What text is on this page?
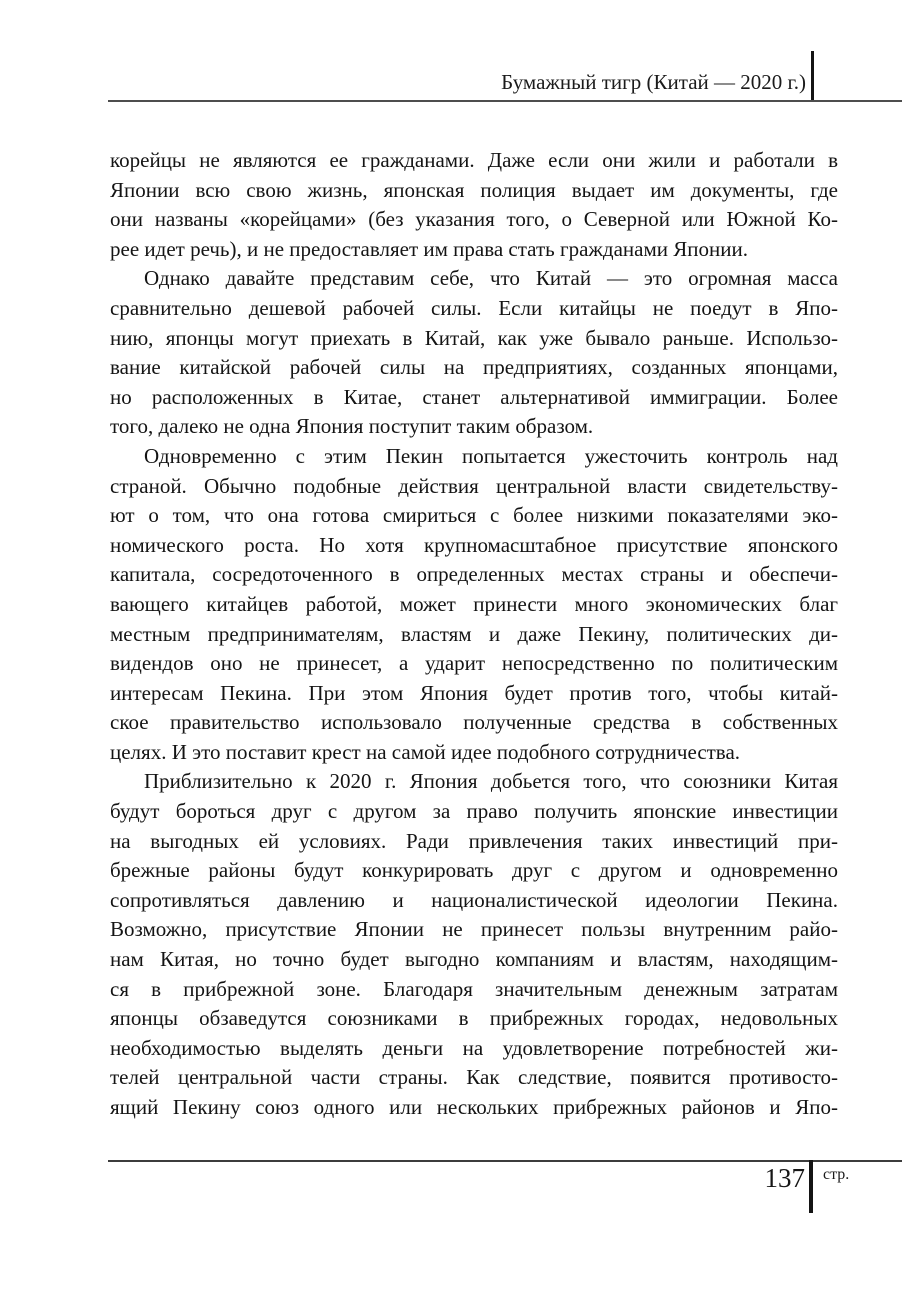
Бумажный тигр (Китай — 2020 г.)
корейцы не являются ее гражданами. Даже если они жили и работали в
Японии всю свою жизнь, японская полиция выдает им документы, где
они названы «корейцами» (без указания того, о Северной или Южной Ко-
рее идет речь), и не предоставляет им права стать гражданами Японии.
Однако давайте представим себе, что Китай — это огромная масса
сравнительно дешевой рабочей силы. Если китайцы не поедут в Япо-
нию, японцы могут приехать в Китай, как уже бывало раньше. Использо-
вание китайской рабочей силы на предприятиях, созданных японцами,
но расположенных в Китае, станет альтернативой иммиграции. Более
того, далеко не одна Япония поступит таким образом.
Одновременно с этим Пекин попытается ужесточить контроль над
страной. Обычно подобные действия центральной власти свидетельству-
ют о том, что она готова смириться с более низкими показателями эко-
номического роста. Но хотя крупномасштабное присутствие японского
капитала, сосредоточенного в определенных местах страны и обеспечи-
вающего китайцев работой, может принести много экономических благ
местным предпринимателям, властям и даже Пекину, политических ди-
видендов оно не принесет, а ударит непосредственно по политическим
интересам Пекина. При этом Япония будет против того, чтобы китай-
ское правительство использовало полученные средства в собственных
целях. И это поставит крест на самой идее подобного сотрудничества.
Приблизительно к 2020 г. Япония добьется того, что союзники Китая
будут бороться друг с другом за право получить японские инвестиции
на выгодных ей условиях. Ради привлечения таких инвестиций при-
брежные районы будут конкурировать друг с другом и одновременно
сопротивляться давлению и националистической идеологии Пекина.
Возможно, присутствие Японии не принесет пользы внутренним райо-
нам Китая, но точно будет выгодно компаниям и властям, находящим-
ся в прибрежной зоне. Благодаря значительным денежным затратам
японцы обзаведутся союзниками в прибрежных городах, недовольных
необходимостью выделять деньги на удовлетворение потребностей жи-
телей центральной части страны. Как следствие, появится противосто-
ящий Пекину союз одного или нескольких прибрежных районов и Япо-
137 стр.
